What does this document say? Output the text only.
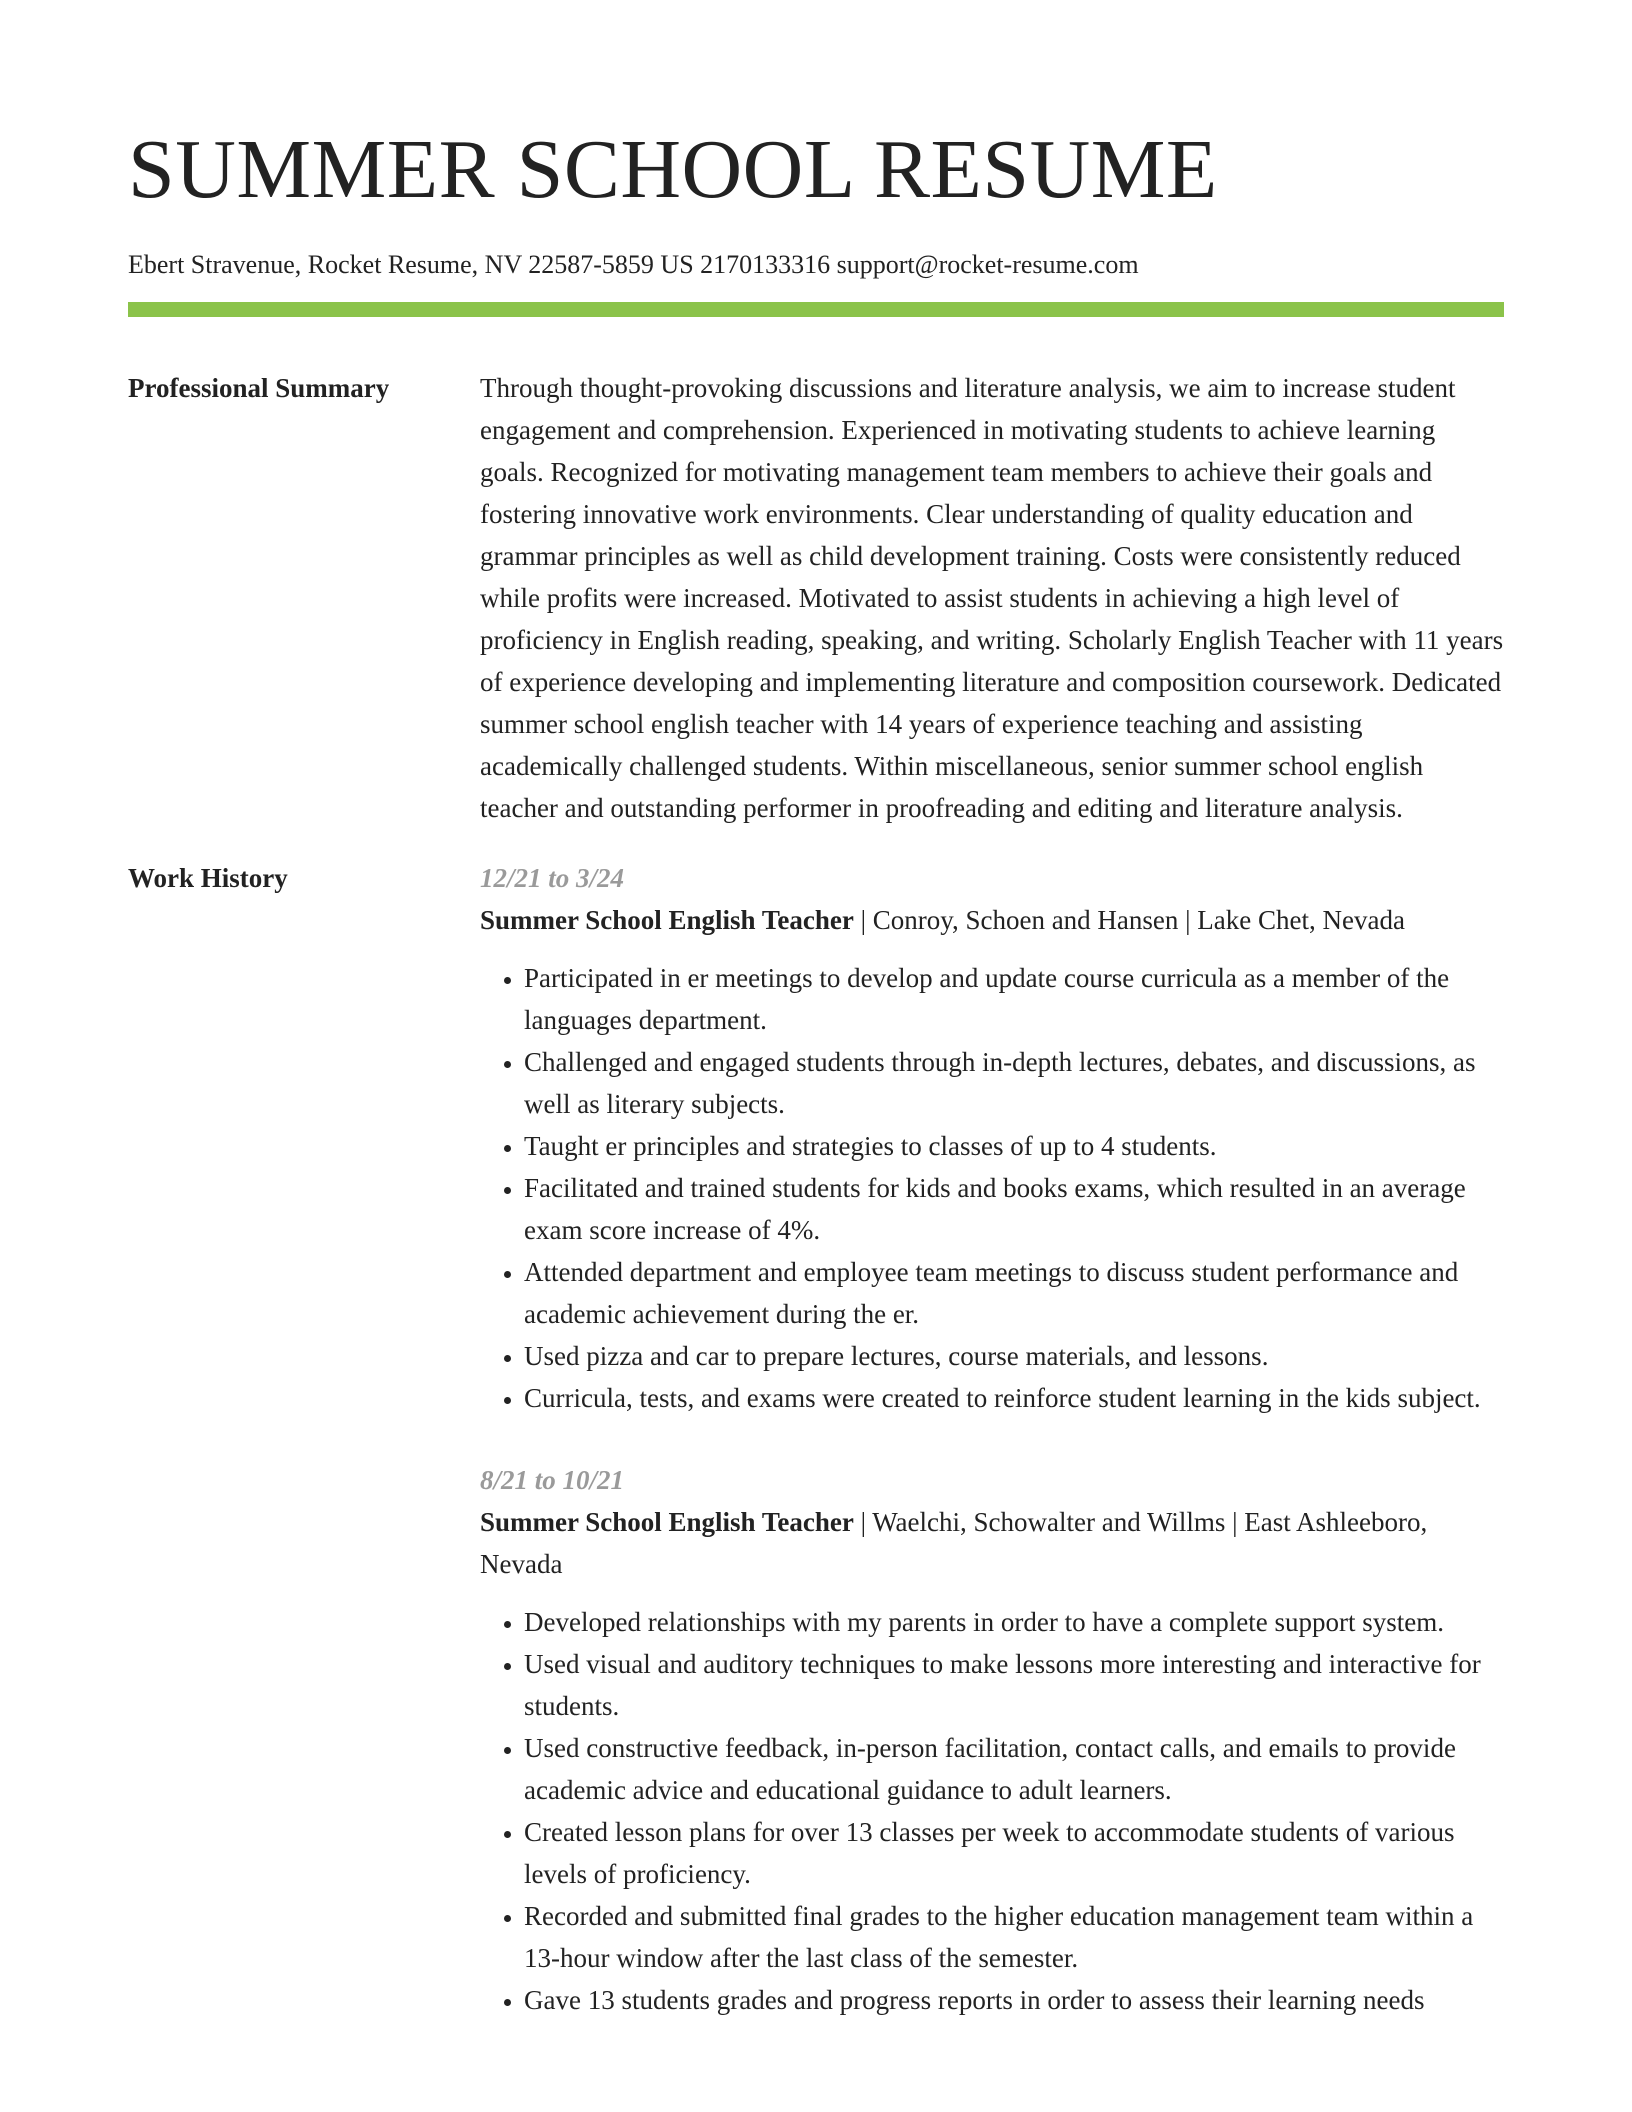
SUMMER SCHOOL RESUME
Ebert Stravenue, Rocket Resume, NV 22587-5859 US 2170133316 support@rocket-resume.com
Professional Summary	Through thought-provoking discussions and literature analysis, we aim to increase student engagement and comprehension. Experienced in motivating students to achieve learning goals. Recognized for motivating management team members to achieve their goals and fostering innovative work environments. Clear understanding of quality education and grammar principles as well as child development training. Costs were consistently reduced while profits were increased. Motivated to assist students in achieving a high level of proficiency in English reading, speaking, and writing. Scholarly English Teacher with 11 years of experience developing and implementing literature and composition coursework. Dedicated summer school english teacher with 14 years of experience teaching and assisting academically challenged students. Within miscellaneous, senior summer school english teacher and outstanding performer in proofreading and editing and literature analysis.

Work History	12/21 to 3/24
Summer School English Teacher | Conroy, Schoen and Hansen | Lake Chet, Nevada
• Participated in er meetings to develop and update course curricula as a member of the languages department.
• Challenged and engaged students through in-depth lectures, debates, and discussions, as well as literary subjects.
• Taught er principles and strategies to classes of up to 4 students.
• Facilitated and trained students for kids and books exams, which resulted in an average exam score increase of 4%.
• Attended department and employee team meetings to discuss student performance and academic achievement during the er.
• Used pizza and car to prepare lectures, course materials, and lessons.
• Curricula, tests, and exams were created to reinforce student learning in the kids subject.
8/21 to 10/21
Summer School English Teacher | Waelchi, Schowalter and Willms | East Ashleeboro, Nevada
• Developed relationships with my parents in order to have a complete support system.
• Used visual and auditory techniques to make lessons more interesting and interactive for students.
• Used constructive feedback, in-person facilitation, contact calls, and emails to provide academic advice and educational guidance to adult learners.
• Created lesson plans for over 13 classes per week to accommodate students of various levels of proficiency.
• Recorded and submitted final grades to the higher education management team within a 13-hour window after the last class of the semester.
• Gave 13 students grades and progress reports in order to assess their learning needs
